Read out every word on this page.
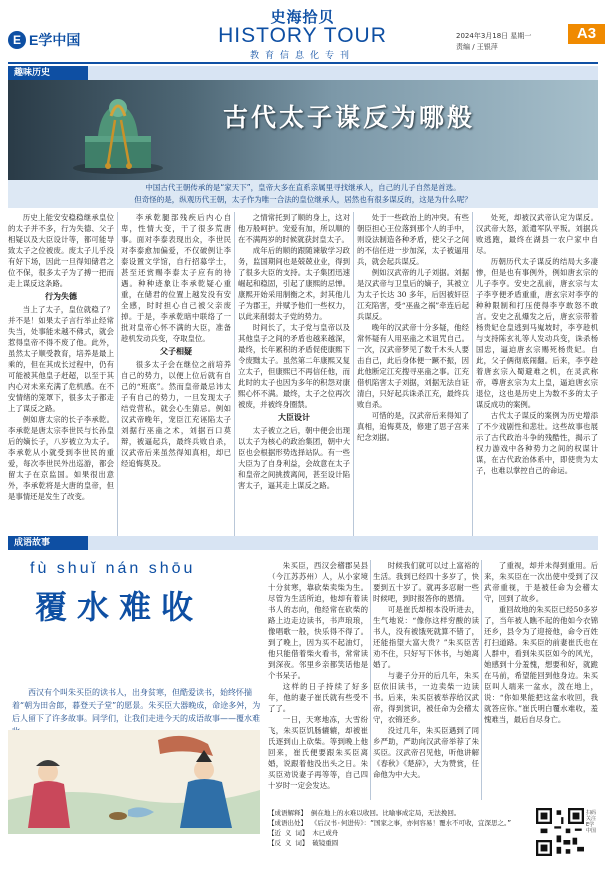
E E学中国
史海拾贝
HISTORY TOUR
教育信息化专刊
2024年3月18日 星期一
责编 / 王银萍
A3
趣味历史
古代太子谋反为哪般

中国古代王朝传承的是“家天下”，皇帝大多在直系亲属里寻找继承人，自己的儿子自然是首选。

但奇怪的是，纵观历代王朝，太子作为唯一合法的皇位继承人，居然也有很多谋反的，这是为什么呢？

历史上能安安稳稳继承皇位的太子并不多，行为失德、父子相疑以及大臣设计等，都可能导致太子之位被废。废太子儿乎没有好下场，因此一旦得知储君之位不保，很多太子为了搏一把而走上谋反这条路。

行为失德

当上了太子，皇位就稳了？并不是！如果太子言行举止经常失当，处事能未越不佛式，就会惹得皇帝不得不废了他。此外，虽然太子顺受教育，培养是最上乘的，但在其成长过程中，仍有可能被其他皇子赶超，以至于其内心对未来充满了危机感。在不安情绪的笼罩下，很多太子都走上了谋反之路。

例如唐太宗的长子李承乾。李承乾是唐太宗李世民与长孙皇后的嫡长子，八岁被立为太子。李承乾从小就受到李世民的重爱，每次李世民外出巡游，都会留太子在京监国。如果很出意外，李承乾将是大唐的皇帝，但是事情还是发生了改变。

李承乾腿部残疾后内心自卑，性情大变，干了很多荒唐事。面对李泰表现出众，李世民对李泰愈加偏爱，不仅破例让李泰设置文学馆，自行招募学士，甚至还赏赐李泰太子应有的待遇。种种迹象让李承乾疑心重重，在储君的位置上越发没有安全感，时时担心自己被父亲废掉。于是，李承乾暗中联络了一批对皇帝心怀不满的大臣，准备趁机发动兵变，夺取皇位。

父子相疑

很多太子会在继位之前培养自己的势力，以便上位后就有自己的“班底”。然而皇帝最忌讳太子有自己的势力，一旦发现太子结党营私，就会心生猜忌。例如汉武帝晚年，宠臣江充诬陷太子刘据行巫蛊之术，刘据百口莫辩，被逼起兵，最终兵败自杀，汉武帝后来虽然得知真相，却已经追悔莫及。

之情常托到了顺的身上，这对他万般呵护。宠爱有加，所以顺的在不满两岁的时候就获封皇太子。

成年后的顺的跟随谏敏学习政务，监国期间也是兢兢业业，得到了很多大臣的支持。太子集团迅速崛起和稳固，引起了康熙的忌惮。康熙开始采用制衡之术，封其他儿子为郡王，并赋予他们一些权力，以此来削弱太子党的势力。

时间长了，太子党与皇帝以及其他皇子之间的矛盾也越来越深，最终，长年累积的矛盾促使康熙下令废黜太子。虽然第二年康熙又复立太子，但康熙已不再信任他，而此时的太子也因为多年的积怨对康熙心怀不满。最终，太子之位再次被废，并被终身圈禁。

大臣设计

太子被立之后，朝中便会出现以太子为核心的政治集团，朝中大臣也会根据形势选择站队。有一些大臣为了自身利益，会故意在太子和皇帝之间挑拨离间，甚至设计陷害太子，逼其走上谋反之路。

处于一些政治上的冲突。有些朝臣担心王位落到那个人的手中，则设法制造各种矛盾，使父子之间的不信任进一步加深，太子被逼用兵，就会起兵谋反。

例如汉武帝的儿子刘据。刘据是汉武帝与卫皇后的嫡子，其被立为太子长达 30 多年，后因被奸臣江充陷害，受“巫蛊之祸”牵连后起兵谋反。

晚年的汉武帝十分多疑，他经常怀疑有人用巫蛊之术诅咒自己。一次，汉武帝梦见了数千木头人要击自己，此后身体便一蹶不振，因此他断定江充搜寻巫蛊之事。江充借机陷害太子刘据，刘据无法自证清白，只好起兵诛杀江充，最终兵败自杀。

可惜的是，汉武帝后来得知了真相，追悔莫及，修建了思子宫来纪念刘据。

处死，却被汉武帝认定为谋反。汉武帝大怒，派遣军队平叛。刘据兵败逃跑，最终在湖县一农户家中自尽。

历朝历代太子谋反的结局大多凄惨，但是也有事例外，例如唐玄宗的儿子李亨。安史之乱前，唐玄宗与太子李亨便矛盾重重，唐玄宗对李亨的种种限制和打压使得李亨敢怒不敢言。安史之乱爆发之后，唐玄宗带着杨贵妃仓皇逃到马嵬坡时，李亨趁机与支持陈玄礼等人发动兵变，诛杀杨国忠，逼迫唐玄宗赐死杨贵妃。自此，父子俩彻底闹翻。后来，李亨趁着唐玄宗入蜀避难之机，在灵武称帝，尊唐玄宗为太上皇，逼迫唐玄宗退位，这也是历史上为数不多的太子谋反成功的案例。

古代太子谋反的案例为历史增添了不少戏剧性和悲壮。这些故事也展示了古代政治斗争的残酷性，揭示了权力游戏中各种势力之间的权谋计谋，在古代政治体系中，即使贵为太子，也难以掌控自己的命运。

成语故事
fù shuǐ nán shōu
覆水难收
西汉有个叫朱买臣的读书人，出身贫寒，但酷爱读书，始终怀揣着“朝为田舍郎，暮登天子堂”的愿景。朱买臣大器晚成，命途多舛，为后人留下了许多故事。同学们，让我们走进今天的成语故事——覆水难

朱买臣，西汉会稽郡吴县（今江苏苏州）人，从小家境十分贫寒，靠砍柴卖柴为生。尽管为生活所迫，他却有着读书人的志向，他经常在砍柴的路上边走边读书，书声琅琅，像唱歌一般，快乐得不得了。到了晚上，因为买不起油灯，他只能借着柴火看书，常常读到深夜。邻里乡亲都笑话他是个书呆子。

这样的日子持续了好多年，他的妻子崔氏就有些受不了了。

一日，天寒地冻，大雪纷飞，朱买臣饥肠辘辘，却被崔氏逐到山上砍柴。等到晚上他回来，崔氏便要跟朱买臣离婚，说跟着他没出头之日。朱买臣劝说妻子再等等，自己四十岁时一定会发达。

时候我们就可以过上富裕的生活。我到已经四十多岁了，快要到五十岁了。就再多忍耐一些时候吧，到时报答你的恩情。

可是崔氏却根本没听进去，生气地说：“像你这样穷酸的读书人，没有被饿死就算不错了，还能指望大富大贵？”朱买臣苦劝不住，只好写下休书，与她离婚了。

与妻子分开的后几年，朱买臣依旧读书，一边卖柴一边读书。后来，朱买臣被举荐给汉武帝，得到赏识，被任命为会稽太守，衣锦还乡。

没过几年，朱买臣遇到了同乡严助，严助向汉武帝举荐了朱买臣。汉武帝召见他，听他讲解《春秋》《楚辞》，大为赞赏，任命他为中大夫。

了重视，却并未得到重用。后来，朱买臣在一次出使中受到了汉武帝重视，于是被任命为会稽太守，回到了故乡。

重回故地的朱买臣已经50多岁了，当年被人瞧不起的他如今衣锦还乡，县令为了迎接他，命令百姓打扫道路。朱买臣的前妻崔氏也在人群中，看到朱买臣如今的风光，她感到十分羞愧，想要和好，就跪在马前，希望能回到他身边。朱买臣叫人端来一盆水，泼在地上，说：“你如果能把这盆水收回，我就答应你。”崔氏明白覆水难收，羞愧难当，最后自尽身亡。

【成语解释】 倒在地上的水难以收回。比喻事成定局，无法挽回。
【成语出处】 《后汉书·何进传》：“国家之事，亦何容易！覆水不可收，宜深思之。”
【近 义 词】 木已成舟
【反 义 词】 破镜重圆
扫码关注E学中国
